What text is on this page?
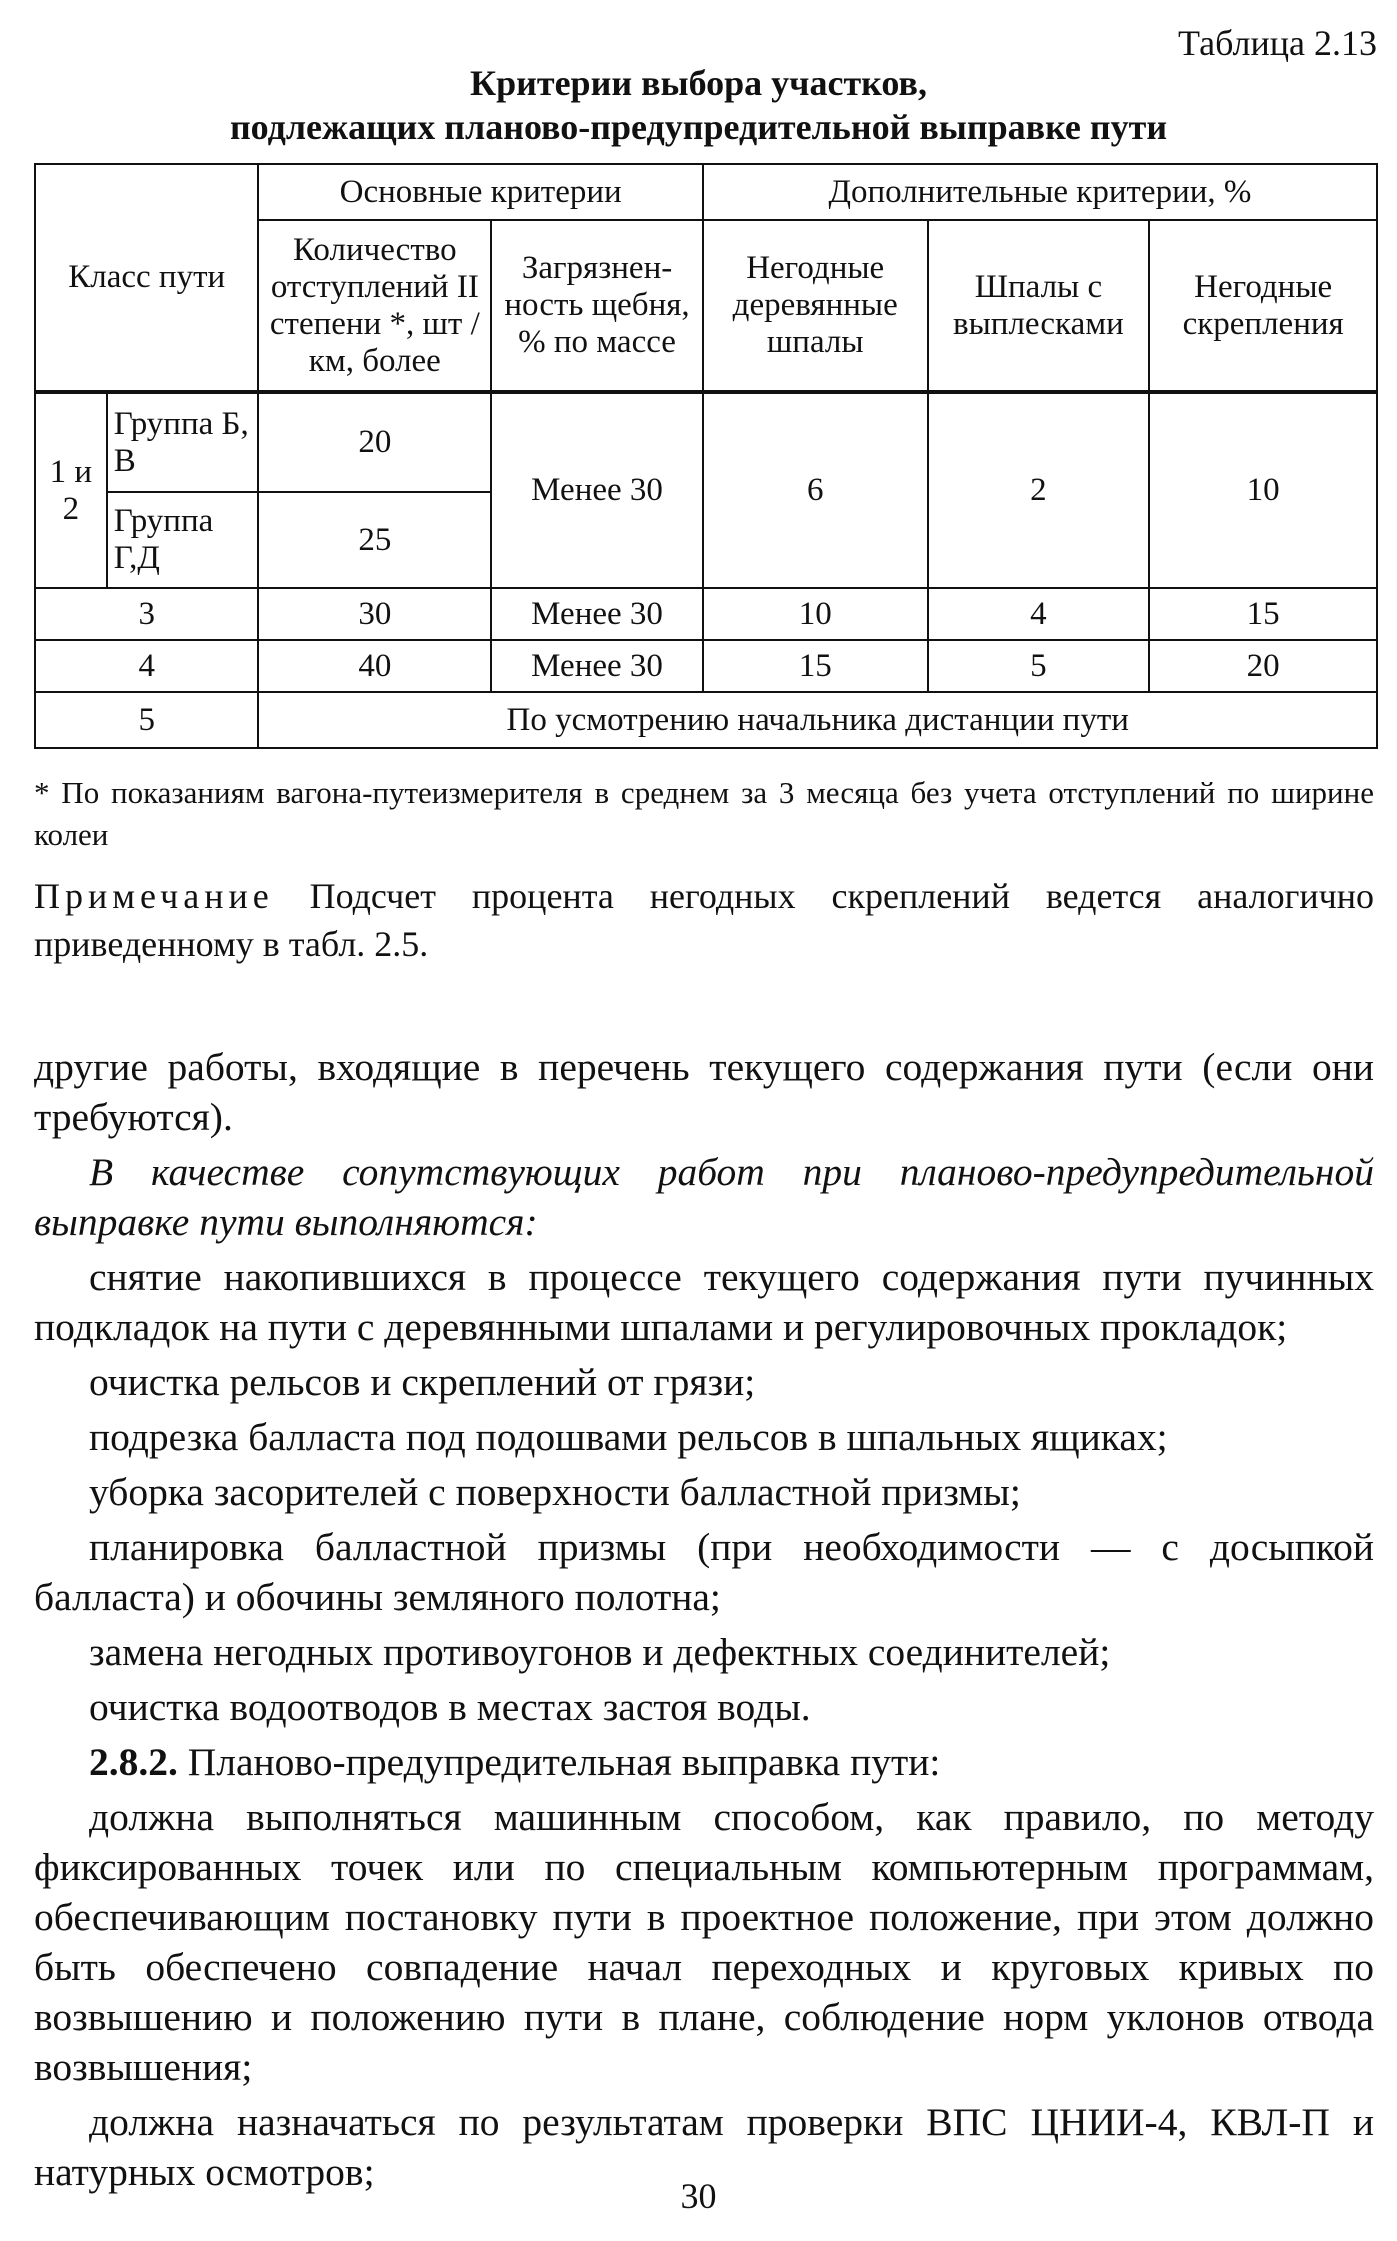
Таблица 2.13
Критерии выбора участков,
подлежащих планово-предупредительной выправке пути
Класс пути		Основные критерии		Дополнительные критерии, %		
		Количество отступлений II степени *, шт /км, более	Загрязнен-ность щебня, % по массе	Негодные деревянные шпалы	Шпалы с выплесками	Негодные скрепления
1 и 2	Группа Б, В	20	Менее 30	6	2	10
	Группа Г,Д	25				
3		30	Менее 30	10	4	15
4		40	Менее 30	15	5	20
5		По усмотрению начальника дистанции пути				
* По показаниям вагона-путеизмерителя в среднем за 3 месяца без учета отступлений по ширине колеи
Примечание Подсчет процента негодных скреплений ведется аналогично приведенному в табл. 2.5.

другие работы, входящие в перечень текущего содержания пути (если они требуются).

В качестве сопутствующих работ при планово-предупредительной выправке пути выполняются:

снятие накопившихся в процессе текущего содержания пути пучинных подкладок на пути с деревянными шпалами и регулировочных прокладок;

очистка рельсов и скреплений от грязи;

подрезка балласта под подошвами рельсов в шпальных ящиках;

уборка засорителей с поверхности балластной призмы;

планировка балластной призмы (при необходимости — с досыпкой балласта) и обочины земляного полотна;

замена негодных противоугонов и дефектных соединителей;

очистка водоотводов в местах застоя воды.

2.8.2. Планово-предупредительная выправка пути:

должна выполняться машинным способом, как правило, по методу фиксированных точек или по специальным компьютерным программам, обеспечивающим постановку пути в проектное положение, при этом должно быть обеспечено совпадение начал переходных и круговых кривых по возвышению и положению пути в плане, соблюдение норм уклонов отвода возвышения;

должна назначаться по результатам проверки ВПС ЦНИИ-4, КВЛ-П и натурных осмотров;

30
